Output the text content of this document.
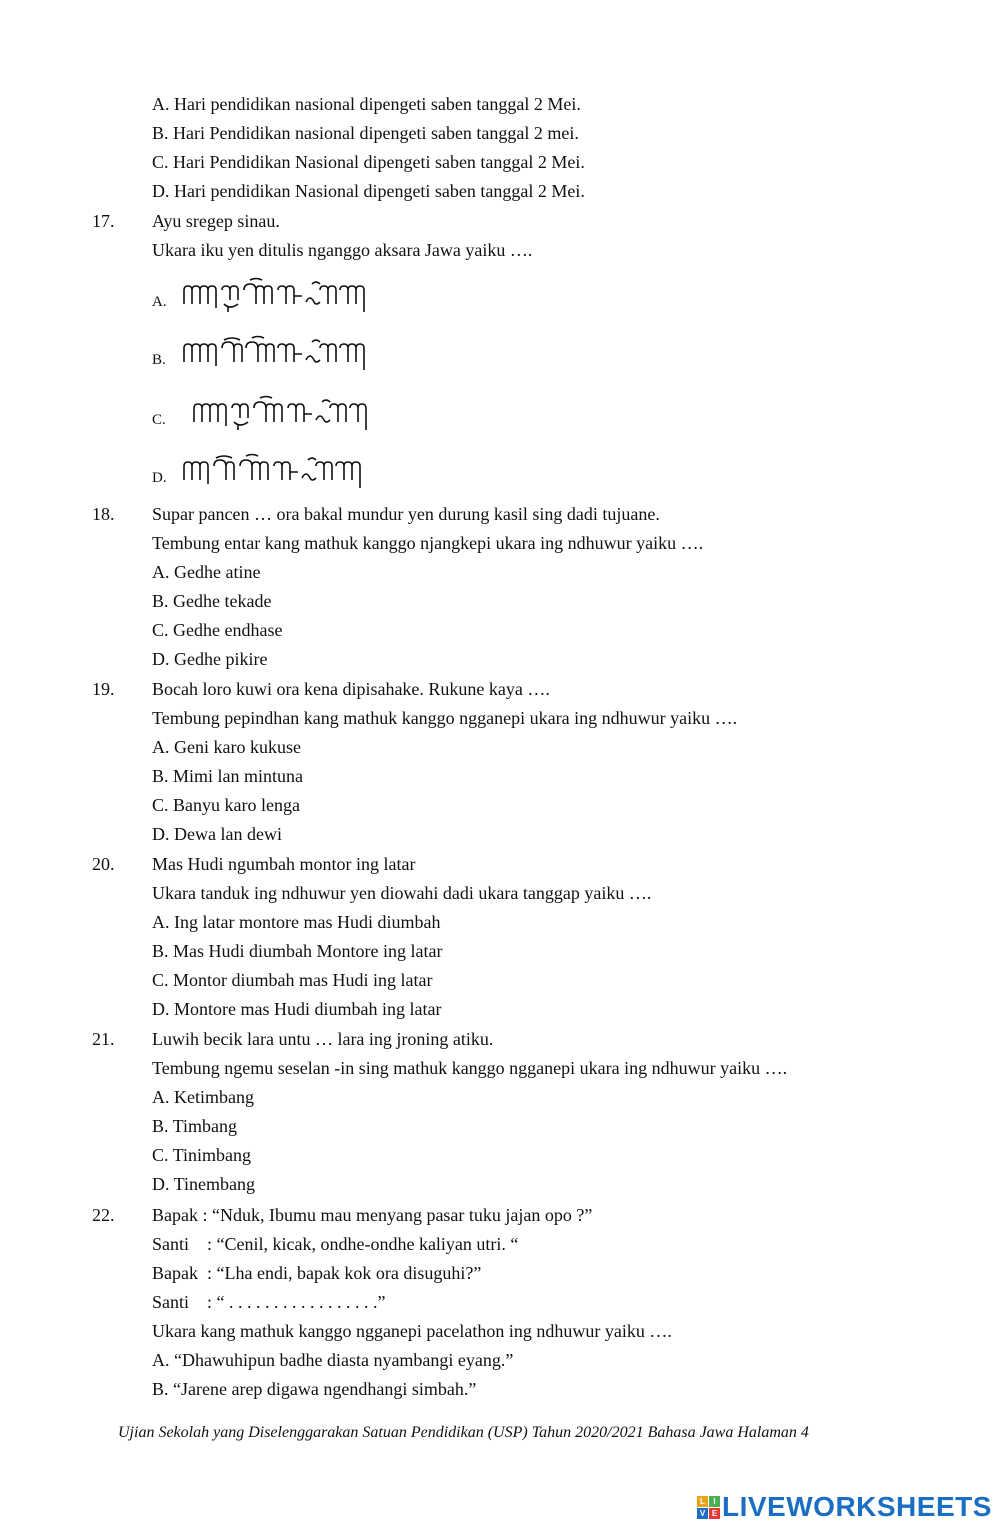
A. Hari pendidikan nasional dipengeti saben tanggal 2 Mei.
B. Hari Pendidikan nasional dipengeti saben tanggal 2 mei.
C. Hari Pendidikan Nasional dipengeti saben tanggal 2 Mei.
D. Hari pendidikan Nasional dipengeti saben tanggal 2 Mei.
17. Ayu sregep sinau.
Ukara iku yen ditulis nganggo aksara Jawa yaiku ….
A.
B.
C.
D.
18. Supar pancen … ora bakal mundur yen durung kasil sing dadi tujuane.
Tembung entar kang mathuk kanggo njangkepi ukara ing ndhuwur yaiku ….
A. Gedhe atine
B. Gedhe tekade
C. Gedhe endhase
D. Gedhe pikire
19. Bocah loro kuwi ora kena dipisahake. Rukune kaya ….
Tembung pepindhan kang mathuk kanggo ngganepi ukara ing ndhuwur yaiku ….
A. Geni karo kukuse
B. Mimi lan mintuna
C. Banyu karo lenga
D. Dewa lan dewi
20. Mas Hudi ngumbah montor ing latar
Ukara tanduk ing ndhuwur yen diowahi dadi ukara tanggap yaiku ….
A. Ing latar montore mas Hudi diumbah
B. Mas Hudi diumbah Montore ing latar
C. Montor diumbah mas Hudi ing latar
D. Montore mas Hudi diumbah ing latar
21. Luwih becik lara untu … lara ing jroning atiku.
Tembung ngemu seselan -in sing mathuk kanggo ngganepi ukara ing ndhuwur yaiku ….
A. Ketimbang
B. Timbang
C. Tinimbang
D. Tinembang
22. Bapak : “Nduk, Ibumu mau menyang pasar tuku jajan opo ?”
Santi    : “Cenil, kicak, ondhe-ondhe kaliyan utri. “
Bapak  : “Lha endi, bapak kok ora disuguhi?”
Santi    : “ . . . . . . . . . . . . . . . . .”
Ukara kang mathuk kanggo ngganepi pacelathon ing ndhuwur yaiku ….
A. “Dhawuhipun badhe diasta nyambangi eyang.”
B. “Jarene arep digawa ngendhangi simbah.”
Ujian Sekolah yang Diselenggarakan Satuan Pendidikan (USP) Tahun 2020/2021 Bahasa Jawa Halaman 4
L	I
V E LIVEWORKSHEETS
